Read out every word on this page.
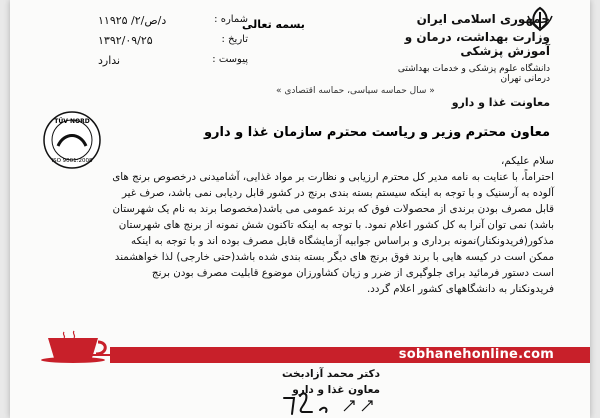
جمهوری اسلامی ایران
وزارت بهداشت، درمان و آموزش پزشکی
دانشگاه علوم پزشکی و خدمات بهداشتی درمانی تهران
معاونت غذا و دارو
بسمه تعالی
شماره :
۱۱۹۲۵ /۲/د/ص
تاریخ :
۱۳۹۲/۰۹/۲۵
پیوست :
ندارد
« سال حماسه سیاسی، حماسه اقتصادی »
TÜV NORD
ISO 9001:2008
معاون محترم وزیر و ریاست محترم سازمان غذا و دارو

سلام علیکم،

احتراماً، با عنایت به نامه مدیر کل محترم ارزیابی و نظارت بر مواد غذایی، آشامیدنی درخصوص برنج های آلوده به آرسنیک و با توجه به اینکه سیستم بسته بندی برنج در کشور قابل ردیابی نمی باشد، صرف غیر قابل مصرف بودن برندی از محصولات فوق که برند عمومی می باشد(مخصوصا برند به نام یک شهرستان باشد) نمی توان آنرا به کل کشور اعلام نمود. با توجه به اینکه تاکنون شش نمونه از برنج های شهرستان مذکور(فریدونکنار)نمونه برداری و براساس جوابیه آزمایشگاه قابل مصرف بوده اند و با توجه به اینکه ممکن است در کیسه هایی با برند فوق برنج های دیگر بسته بندی شده باشد(حتی خارجی) لذا خواهشمند است دستور فرمائید برای جلوگیری از ضرر و زیان کشاورزان موضوع قابلیت مصرف بودن برنج فریدونکنار به دانشگاههای کشور اعلام گردد.

sobhanehonline.com
دکتر محمد آزادبخت
معاون غذا و دارو
